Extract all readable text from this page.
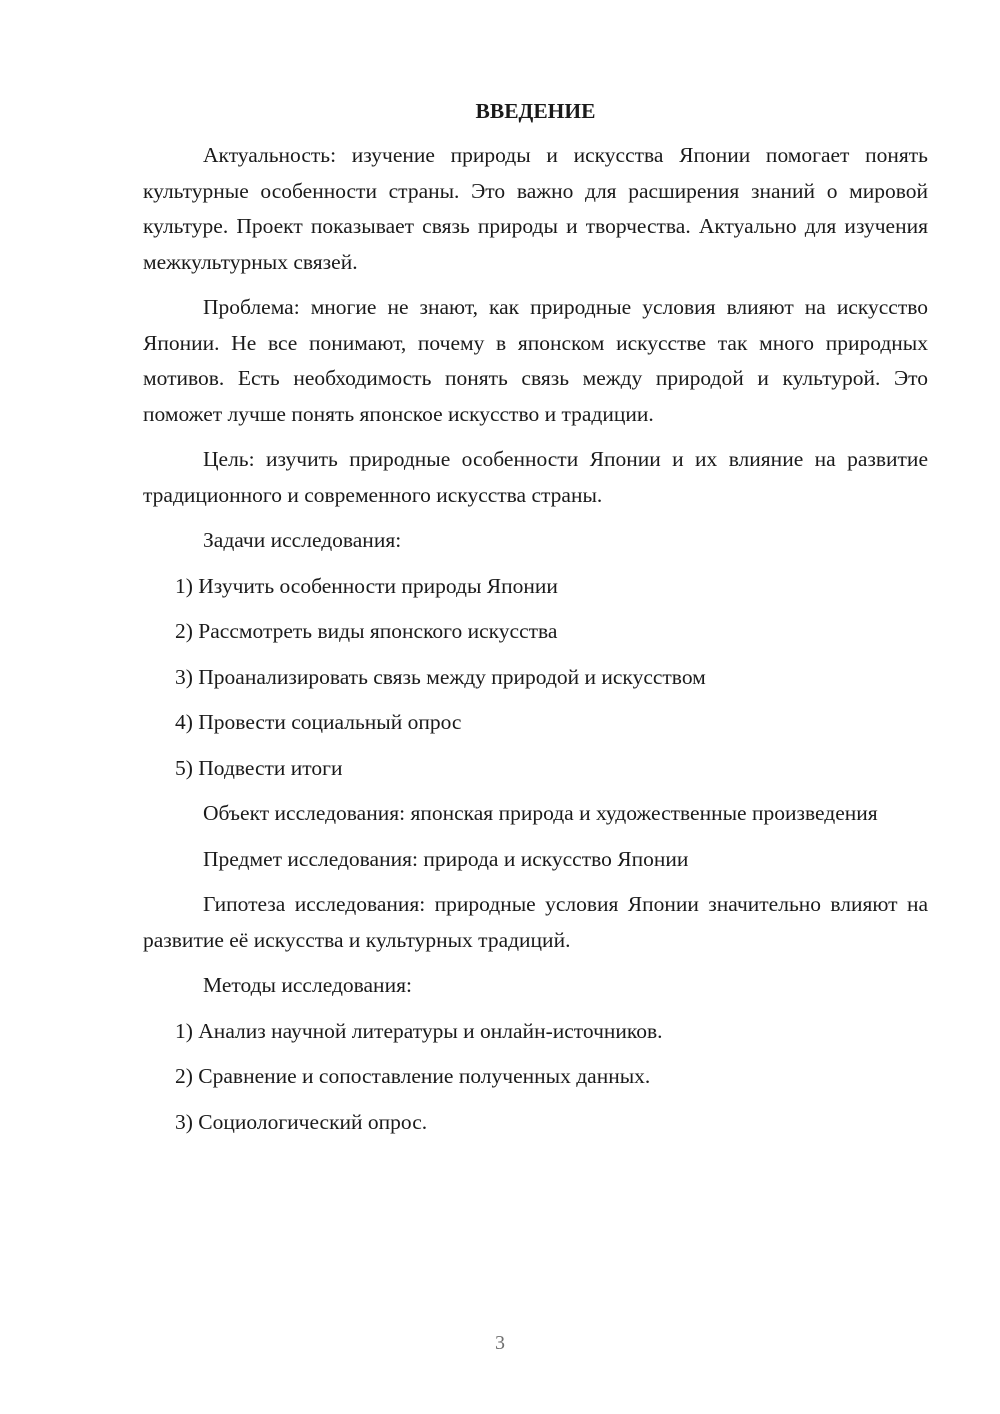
ВВЕДЕНИЕ

Актуальность: изучение природы и искусства Японии помогает понять культурные особенности страны. Это важно для расширения знаний о мировой культуре. Проект показывает связь природы и творчества. Актуально для изучения межкультурных связей.

Проблема: многие не знают, как природные условия влияют на искусство Японии. Не все понимают, почему в японском искусстве так много природных мотивов. Есть необходимость понять связь между природой и культурой. Это поможет лучше понять японское искусство и традиции.

Цель: изучить природные особенности Японии и их влияние на развитие традиционного и современного искусства страны.

Задачи исследования:

1) Изучить особенности природы Японии
2) Рассмотреть виды японского искусства
3) Проанализировать связь между природой и искусством
4) Провести социальный опрос
5) Подвести итоги

Объект исследования: японская природа и художественные произведения

Предмет исследования: природа и искусство Японии

Гипотеза исследования: природные условия Японии значительно влияют на развитие её искусства и культурных традиций.

Методы исследования:

1) Анализ научной литературы и онлайн-источников.
2) Сравнение и сопоставление полученных данных.
3) Социологический опрос.
3
